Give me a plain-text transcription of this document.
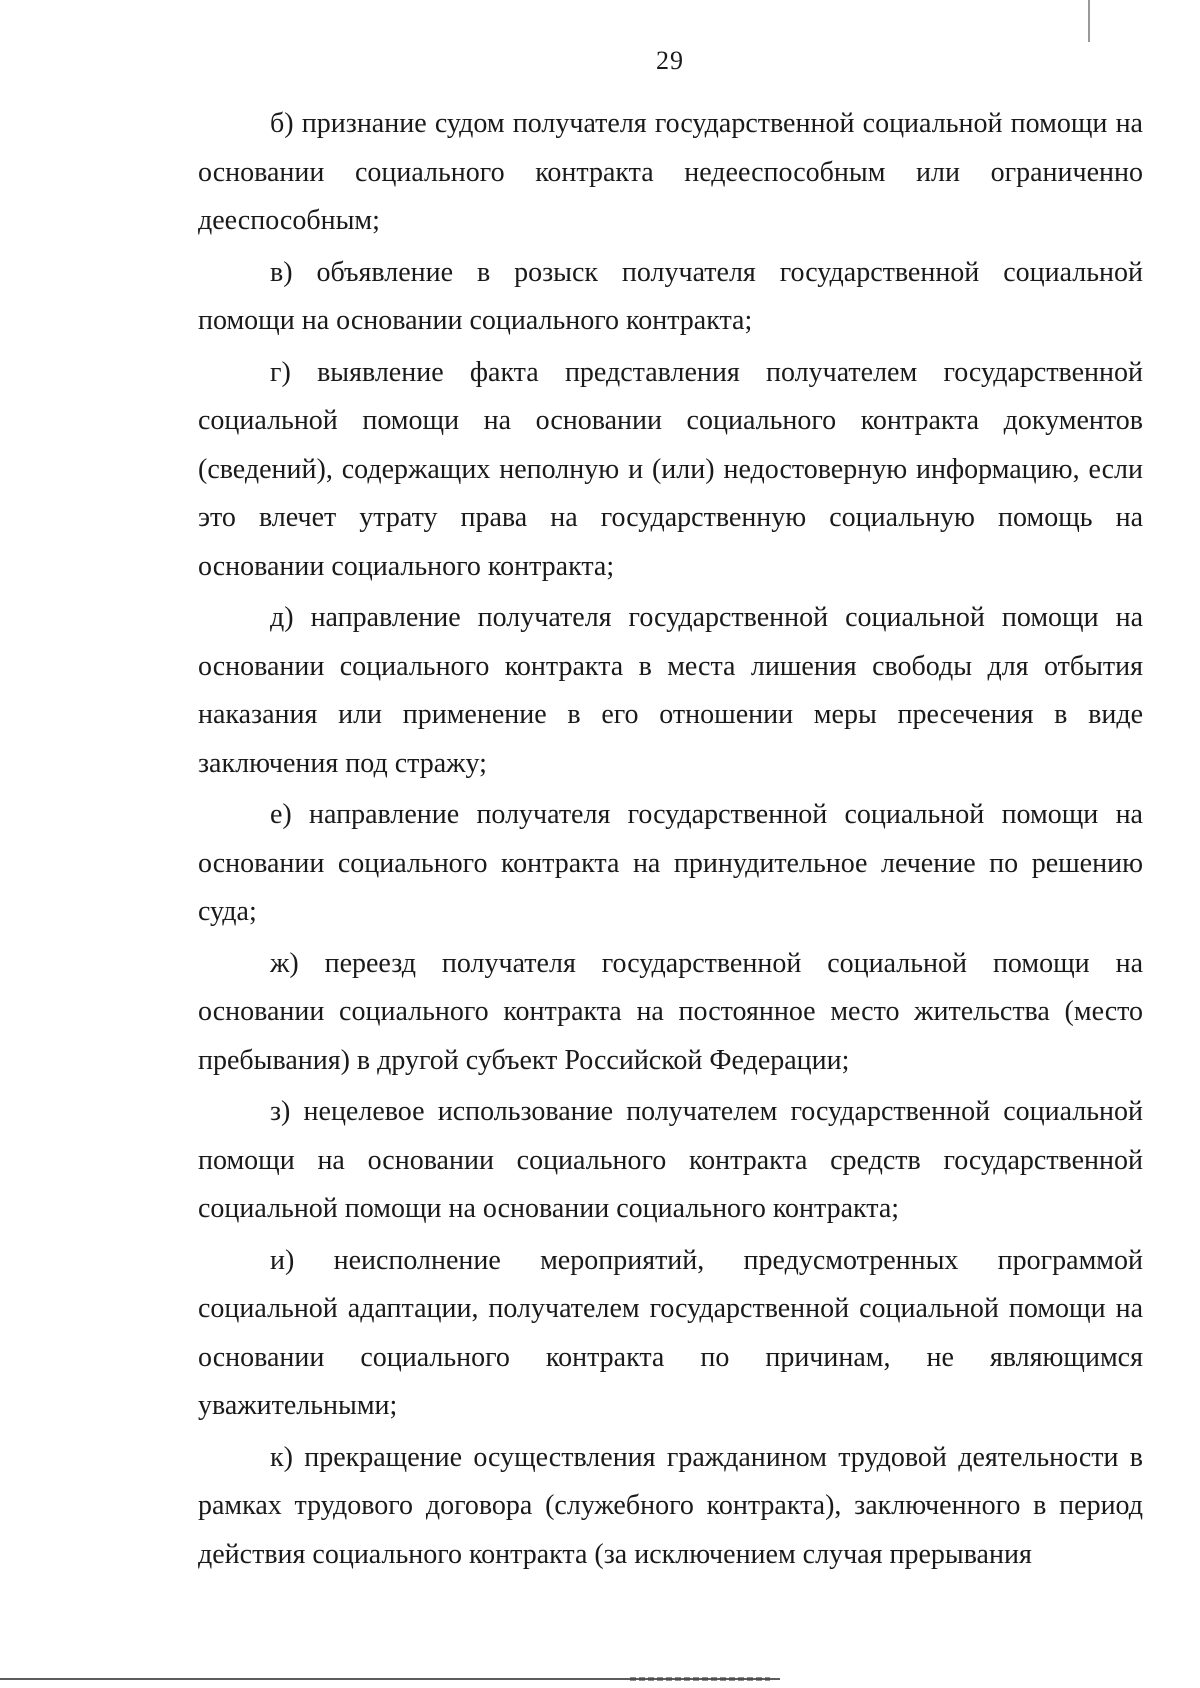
29

б) признание судом получателя государственной социальной помощи на основании социального контракта недееспособным или ограниченно дееспособным;

в) объявление в розыск получателя государственной социальной помощи на основании социального контракта;

г) выявление факта представления получателем государственной социальной помощи на основании социального контракта документов (сведений), содержащих неполную и (или) недостоверную информацию, если это влечет утрату права на государственную социальную помощь на основании социального контракта;

д) направление получателя государственной социальной помощи на основании социального контракта в места лишения свободы для отбытия наказания или применение в его отношении меры пресечения в виде заключения под стражу;

е) направление получателя государственной социальной помощи на основании социального контракта на принудительное лечение по решению суда;

ж) переезд получателя государственной социальной помощи на основании социального контракта на постоянное место жительства (место пребывания) в другой субъект Российской Федерации;

з) нецелевое использование получателем государственной социальной помощи на основании социального контракта средств государственной социальной помощи на основании социального контракта;

и) неисполнение мероприятий, предусмотренных программой социальной адаптации, получателем государственной социальной помощи на основании социального контракта по причинам, не являющимся уважительными;

к) прекращение осуществления гражданином трудовой деятельности в рамках трудового договора (служебного контракта), заключенного в период действия социального контракта (за исключением случая прерывания
